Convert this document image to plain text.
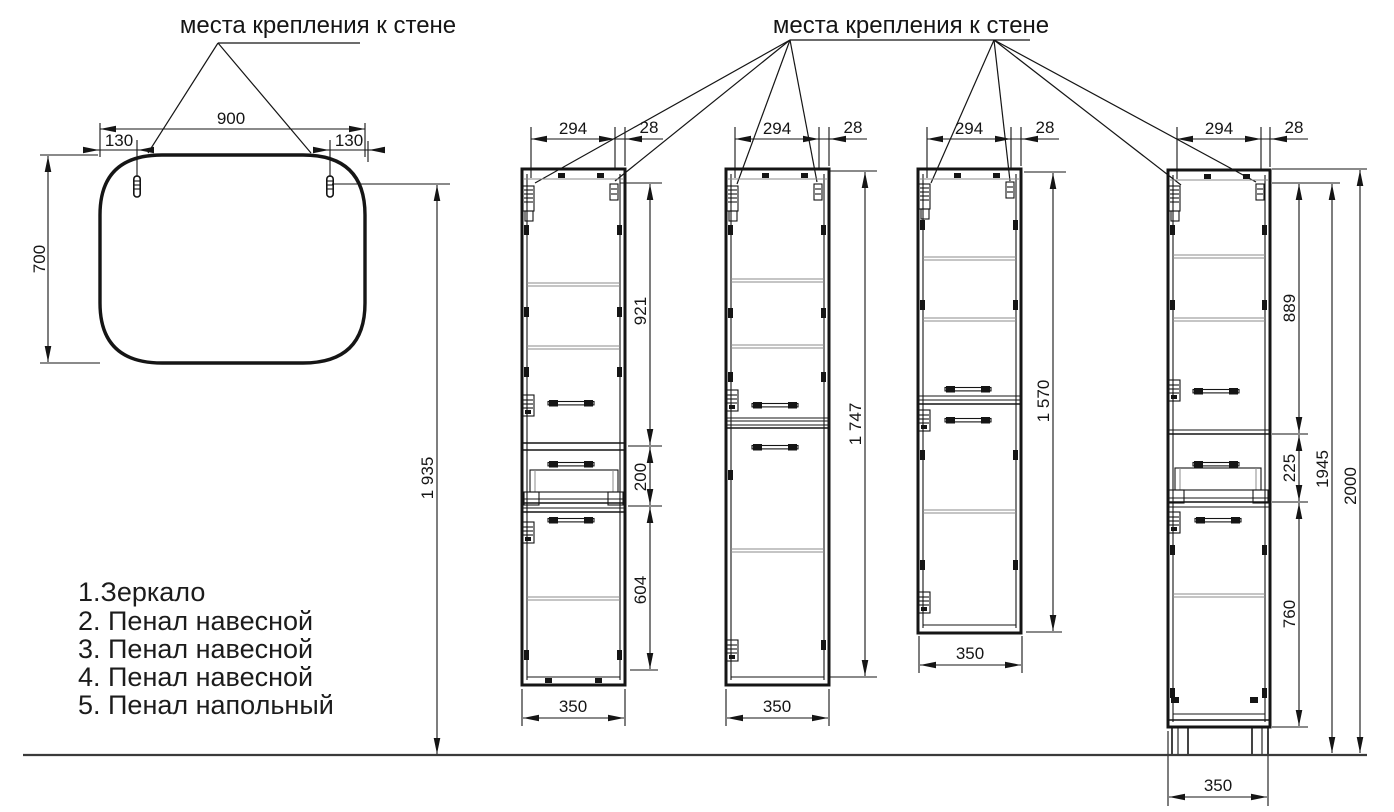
места крепления к стене	места крепления к стене
900
130	130
700
1 935
294	28
921
200
604
350
294	28
1 747
350
294	28
1 570
350
294	28
889
225
760
1945 2000
350
1.Зеркало
2. Пенал навесной
3. Пенал навесной
4. Пенал навесной
5. Пенал напольный
